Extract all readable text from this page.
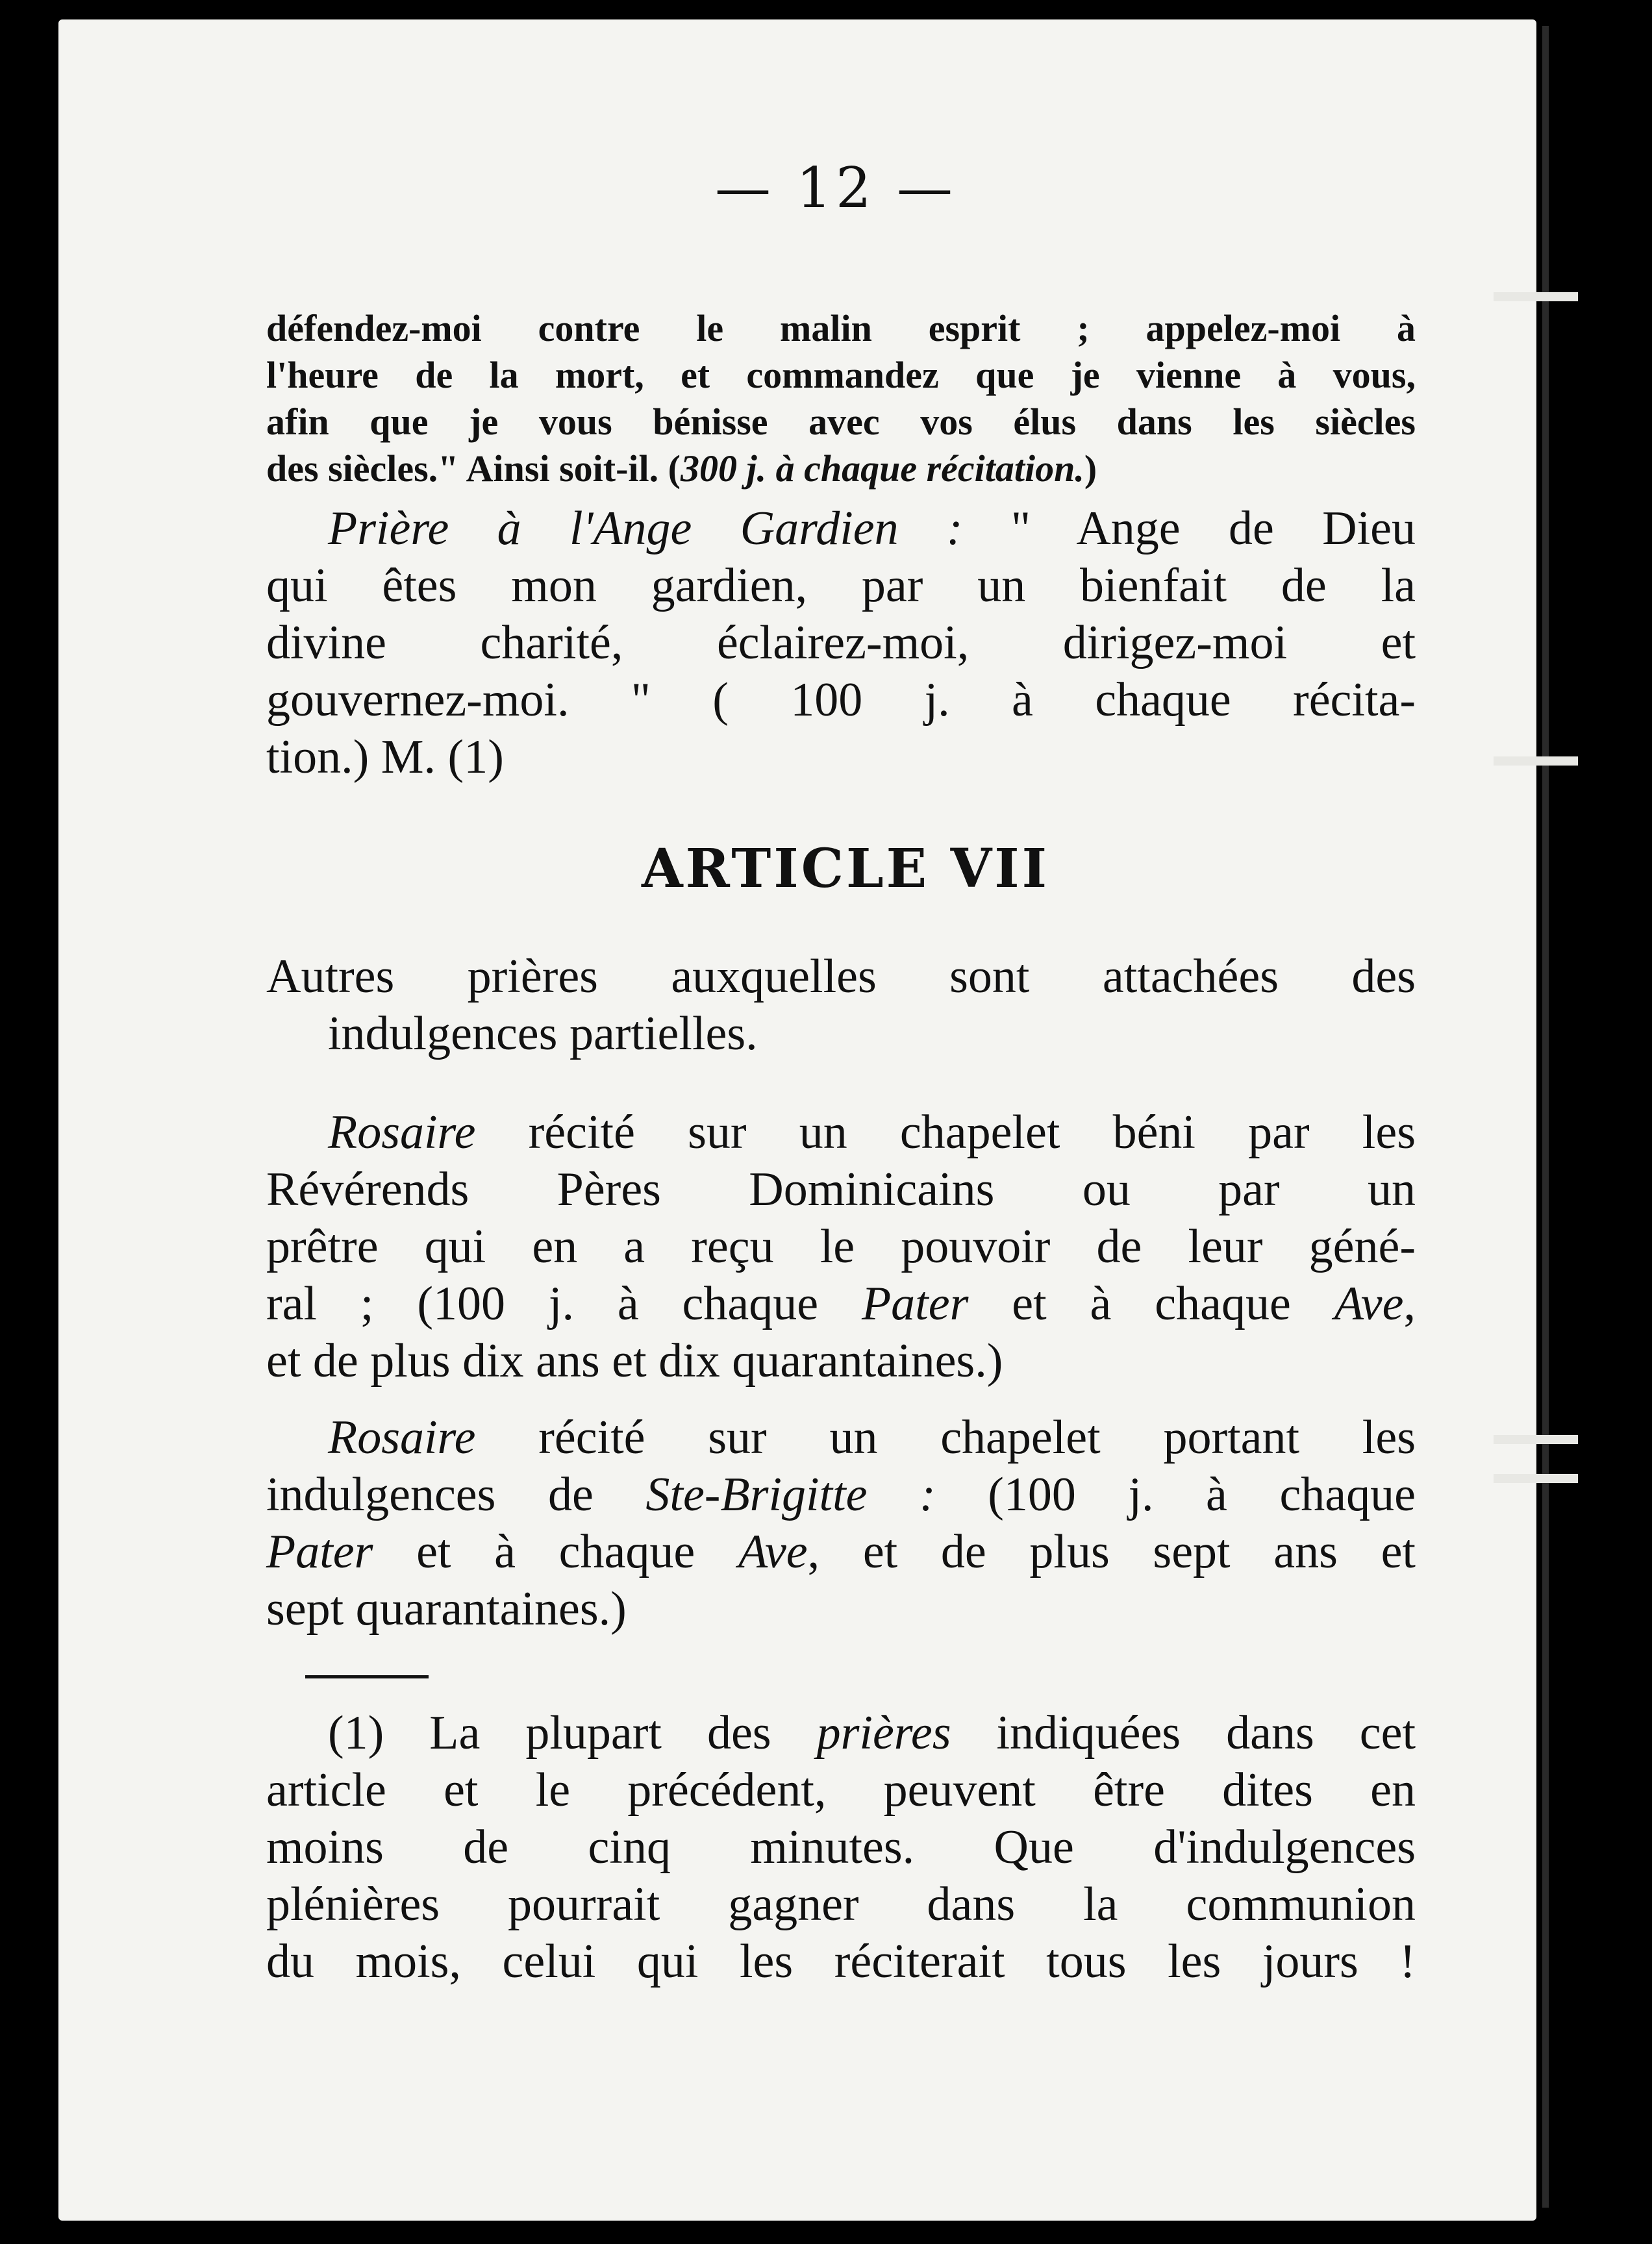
— 12 —
défendez-moi contre le malin esprit ; appelez-moi à
l'heure de la mort, et commandez que je vienne à vous,
afin que je vous bénisse avec vos élus dans les siècles
des siècles." Ainsi soit-il. (300 j. à chaque récitation.)
Prière à l'Ange Gardien : " Ange de Dieu
qui êtes mon gardien, par un bienfait de la
divine charité, éclairez-moi, dirigez-moi et
gouvernez-moi. " ( 100 j. à chaque récita-
tion.) M. (1)
ARTICLE VII
Autres prières auxquelles sont attachées des
indulgences partielles.
Rosaire récité sur un chapelet béni par les
Révérends Pères Dominicains ou par un
prêtre qui en a reçu le pouvoir de leur géné-
ral ; (100 j. à chaque Pater et à chaque Ave,
et de plus dix ans et dix quarantaines.)
Rosaire récité sur un chapelet portant les
indulgences de Ste-Brigitte : (100 j. à chaque
Pater et à chaque Ave, et de plus sept ans et
sept quarantaines.)
(1) La plupart des prières indiquées dans cet
article et le précédent, peuvent être dites en
moins de cinq minutes. Que d'indulgences
plénières pourrait gagner dans la communion
du mois, celui qui les réciterait tous les jours !
